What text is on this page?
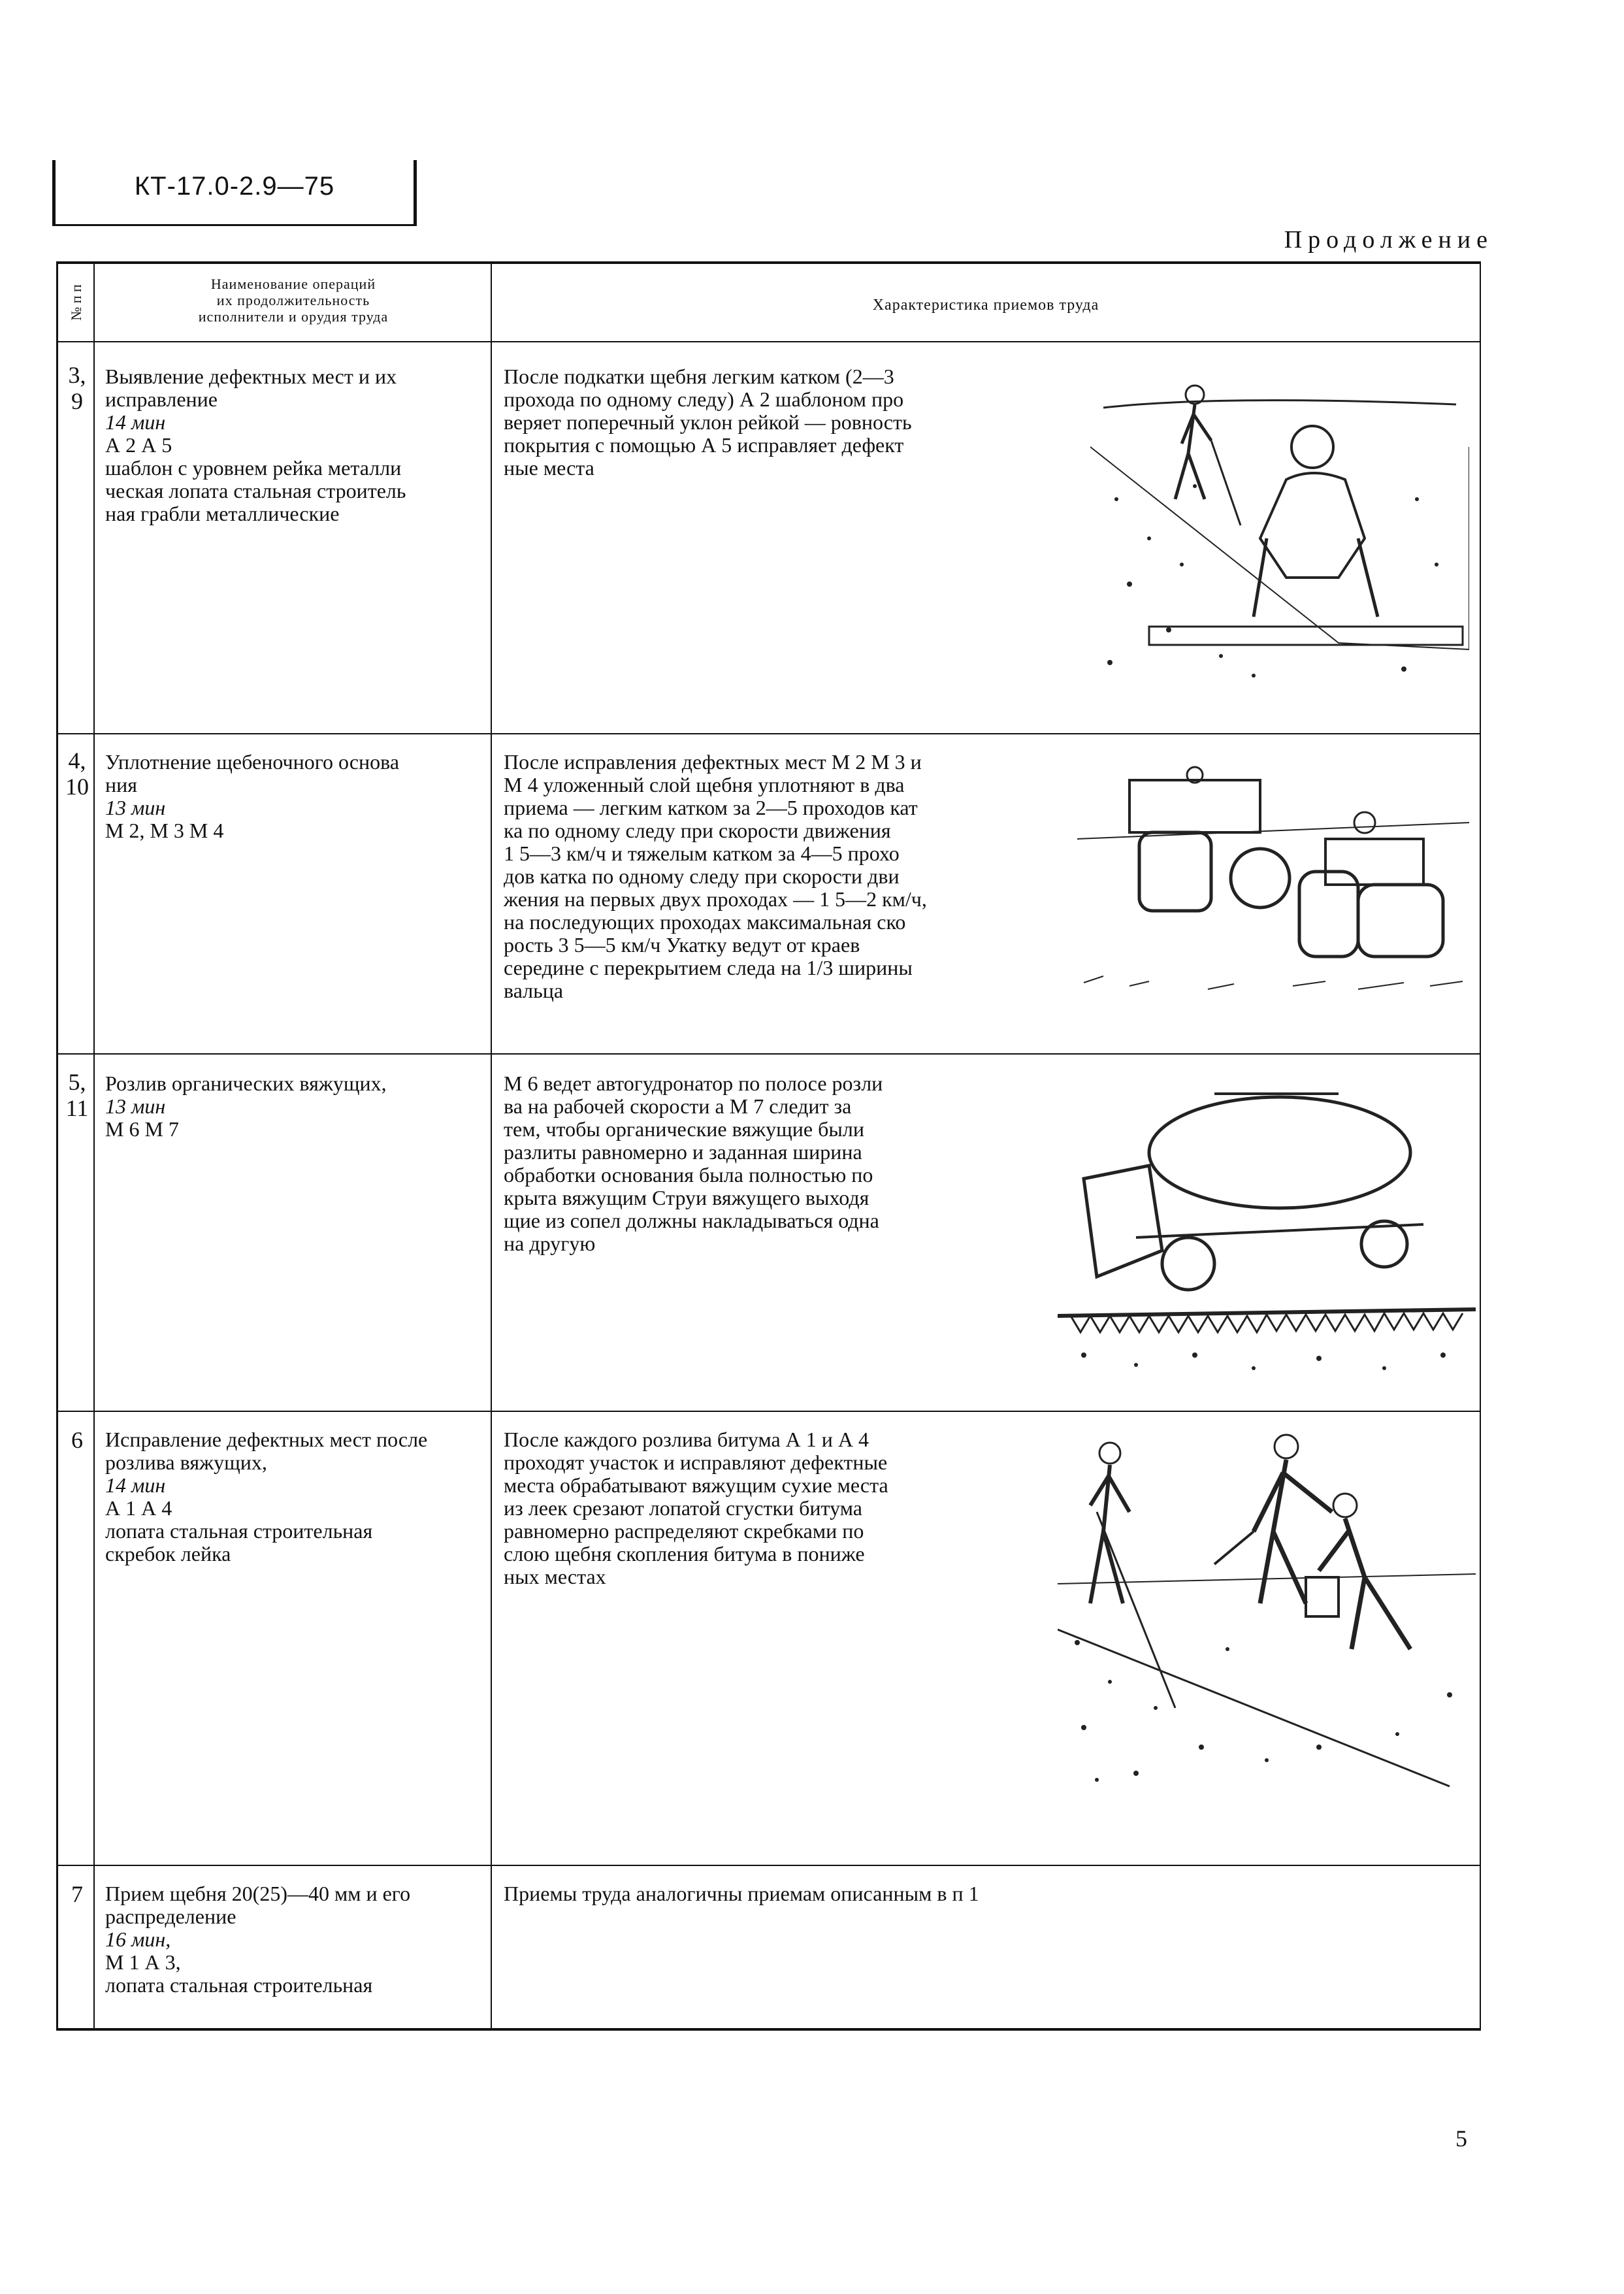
КТ-17.0-2.9—75
Продолжение
№ п п
Наименование операций
их продолжительность
исполнители и орудия труда
Характеристика приемов труда
3,
9
Выявление дефектных мест и их
исправление
14 мин
А 2 А 5
шаблон с уровнем рейка металли
ческая лопата стальная строитель
ная грабли металлические
После подкатки щебня легким катком (2—3
прохода по одному следу) А 2 шаблоном про
веряет поперечный уклон рейкой — ровность
покрытия с помощью А 5 исправляет дефект
ные места
4,
10
Уплотнение щебеночного основа
ния
13 мин
М 2, М 3 М 4
После исправления дефектных мест М 2 М 3 и
М 4 уложенный слой щебня уплотняют в два
приема — легким катком за 2—5 проходов кат
ка по одному следу при скорости движения
1 5—3 км/ч и тяжелым катком за 4—5 прохо
дов катка по одному следу при скорости дви
жения на первых двух проходах — 1 5—2 км/ч,
на последующих проходах максимальная ско
рость 3 5—5 км/ч Укатку ведут от краев
середине с перекрытием следа на 1/3 ширины
вальца
5,
11
Розлив органических вяжущих,
13 мин
М 6 М 7
М 6 ведет автогудронатор по полосе розли
ва на рабочей скорости а М 7 следит за
тем, чтобы органические вяжущие были
разлиты равномерно и заданная ширина
обработки основания была полностью по
крыта вяжущим Струи вяжущего выходя
щие из сопел должны накладываться одна
на другую
6	Исправление дефектных мест после
розлива вяжущих,
14 мин
А 1 А 4
лопата стальная строительная
скребок лейка
После каждого розлива битума А 1 и А 4
проходят участок и исправляют дефектные
места обрабатывают вяжущим сухие места
из леек срезают лопатой сгустки битума
равномерно распределяют скребками по
слою щебня скопления битума в пониже
ных местах
7	Прием щебня 20(25)—40 мм и его
распределение
16 мин,
М 1 А 3,
лопата стальная строительная
Приемы труда аналогичны приемам описанным в п 1
5
